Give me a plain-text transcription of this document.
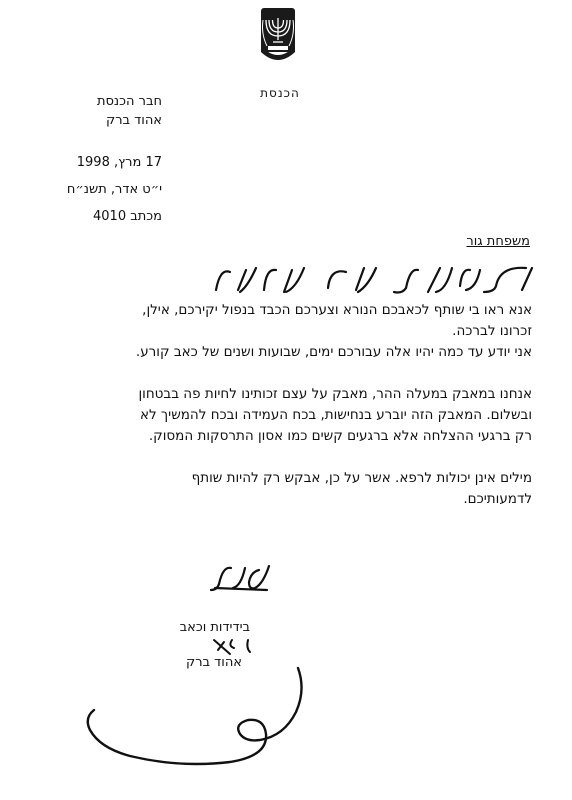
הכנסת
חבר הכנסת
אהוד ברק
17 מרץ, 1998
י״ט אדר, תשנ״ח
מכתב 4010
משפחת גור

אנא ראו בי שותף לכאבכם הנורא וצערכם הכבד בנפול יקירכם, אילן,
זכרונו לברכה.
אני יודע עד כמה יהיו אלה עבורכם ימים, שבועות ושנים של כאב קורע.

אנחנו במאבק במעלה ההר, מאבק על עצם זכותינו לחיות פה בבטחון
ובשלום. המאבק הזה יוברע בנחישות, בכח העמידה ובכח להמשיך לא
רק ברגעי ההצלחה אלא ברגעים קשים כמו אסון התרסקות המסוק.

מילים אינן יכולות לרפא. אשר על כן, אבקש רק להיות שותף
לדמעותיכם.

בידידות וכאב
אהוד ברק
